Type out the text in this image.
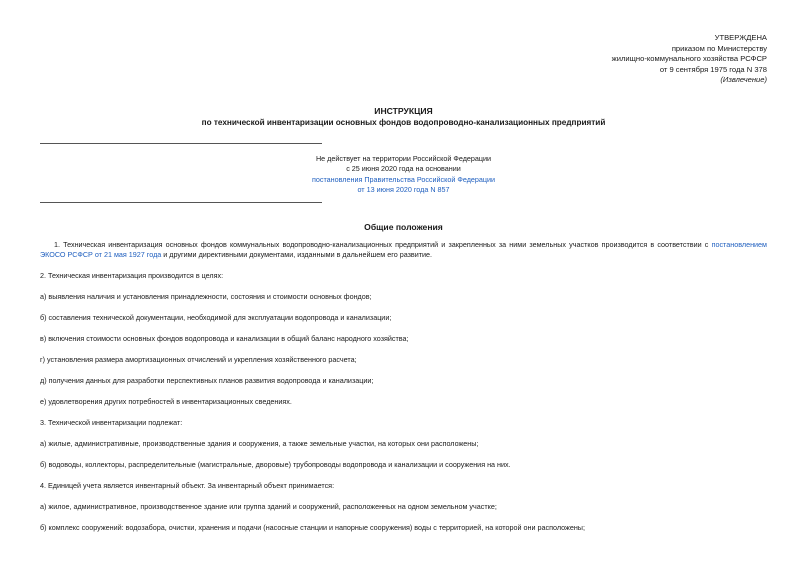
УТВЕРЖДЕНА
приказом по Министерству
жилищно-коммунального хозяйства РСФСР
от 9 сентября 1975 года N 378
(Извлечение)
ИНСТРУКЦИЯ
по технической инвентаризации основных фондов водопроводно-канализационных предприятий
Не действует на территории Российской Федерации
с 25 июня 2020 года на основании
постановления Правительства Российской Федерации
от 13 июня 2020 года N 857
Общие положения

1. Техническая инвентаризация основных фондов коммунальных водопроводно-канализационных предприятий и закрепленных за ними земельных участков производится в соответствии с постановлением ЭКОСО РСФСР от 21 мая 1927 года и другими директивными документами, изданными в дальнейшем его развитие.

2. Техническая инвентаризация производится в целях:
а) выявления наличия и установления принадлежности, состояния и стоимости основных фондов;
б) составления технической документации, необходимой для эксплуатации водопровода и канализации;
в) включения стоимости основных фондов водопровода и канализации в общий баланс народного хозяйства;
г) установления размера амортизационных отчислений и укрепления хозяйственного расчета;
д) получения данных для разработки перспективных планов развития водопровода и канализации;
е) удовлетворения других потребностей в инвентаризационных сведениях.
3. Технической инвентаризации подлежат:
а) жилые, административные, производственные здания и сооружения, а также земельные участки, на которых они расположены;
б) водоводы, коллекторы, распределительные (магистральные, дворовые) трубопроводы водопровода и канализации и сооружения на них.
4. Единицей учета является инвентарный объект. За инвентарный объект принимается:
а) жилое, административное, производственное здание или группа зданий и сооружений, расположенных на одном земельном участке;
б) комплекс сооружений: водозабора, очистки, хранения и подачи (насосные станции и напорные сооружения) воды с территорией, на которой они расположены;
